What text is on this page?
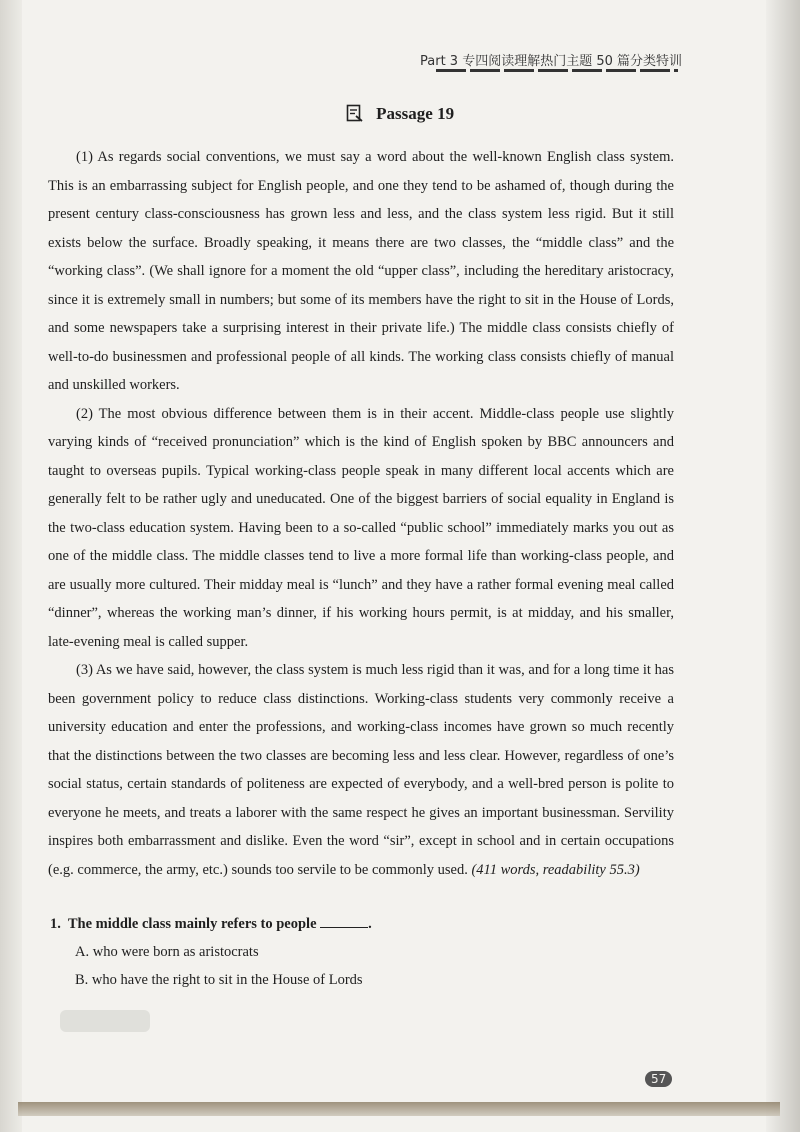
Part 3 专四阅读理解热门主题 50 篇分类特训
Passage 19

(1) As regards social conventions, we must say a word about the well-known English class system. This is an embarrassing subject for English people, and one they tend to be ashamed of, though during the present century class-consciousness has grown less and less, and the class system less rigid. But it still exists below the surface. Broadly speaking, it means there are two classes, the “middle class” and the “working class”. (We shall ignore for a moment the old “upper class”, including the hereditary aristocracy, since it is extremely small in numbers; but some of its members have the right to sit in the House of Lords, and some newspapers take a surprising interest in their private life.) The middle class consists chiefly of well-to-do businessmen and professional people of all kinds. The working class consists chiefly of manual and unskilled workers.

(2) The most obvious difference between them is in their accent. Middle-class people use slightly varying kinds of “received pronunciation” which is the kind of English spoken by BBC announcers and taught to overseas pupils. Typical working-class people speak in many different local accents which are generally felt to be rather ugly and uneducated. One of the biggest barriers of social equality in England is the two-class education system. Having been to a so-called “public school” immediately marks you out as one of the middle class. The middle classes tend to live a more formal life than working-class people, and are usually more cultured. Their midday meal is “lunch” and they have a rather formal evening meal called “dinner”, whereas the working man’s dinner, if his working hours permit, is at midday, and his smaller, late-evening meal is called supper.

(3) As we have said, however, the class system is much less rigid than it was, and for a long time it has been government policy to reduce class distinctions. Working-class students very commonly receive a university education and enter the professions, and working-class incomes have grown so much recently that the distinctions between the two classes are becoming less and less clear. However, regardless of one’s social status, certain standards of politeness are expected of everybody, and a well-bred person is polite to everyone he meets, and treats a laborer with the same respect he gives an important businessman. Servility inspires both embarrassment and dislike. Even the word “sir”, except in school and in certain occupations (e.g. commerce, the army, etc.) sounds too servile to be commonly used. (411 words, readability 55.3)

1. The middle class mainly refers to people	.
A. who were born as aristocrats
B. who have the right to sit in the House of Lords
57
